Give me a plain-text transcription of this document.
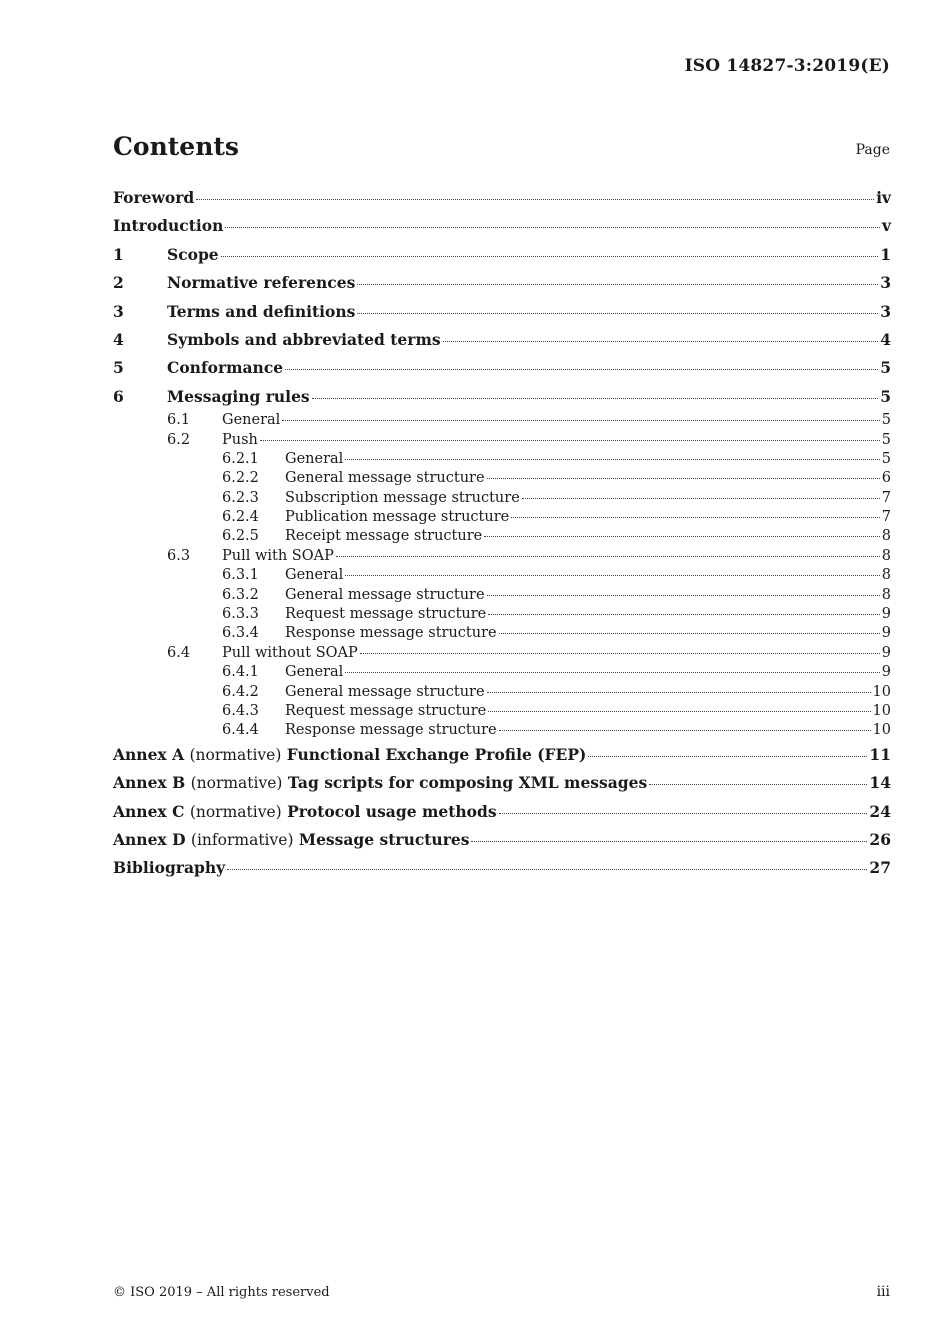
ISO 14827-3:2019(E)
Contents	Page
Foreword	iv
Introduction	v
1	Scope	1
2	Normative references	3
3	Terms and definitions	3
4	Symbols and abbreviated terms	4
5	Conformance	5
6	Messaging rules	5
6.1	General	5
6.2	Push	5
6.2.1	General	5
6.2.2	General message structure	6
6.2.3	Subscription message structure	7
6.2.4	Publication message structure	7
6.2.5	Receipt message structure	8
6.3	Pull with SOAP	8
6.3.1	General	8
6.3.2	General message structure	8
6.3.3	Request message structure	9
6.3.4	Response message structure	9
6.4	Pull without SOAP	9
6.4.1	General	9
6.4.2	General message structure	10
6.4.3	Request message structure	10
6.4.4	Response message structure	10
Annex A (normative) Functional Exchange Profile (FEP)	11
Annex B (normative) Tag scripts for composing XML messages	14
Annex C (normative) Protocol usage methods	24
Annex D (informative) Message structures	26
Bibliography	27
© ISO 2019 – All rights reserved	iii
